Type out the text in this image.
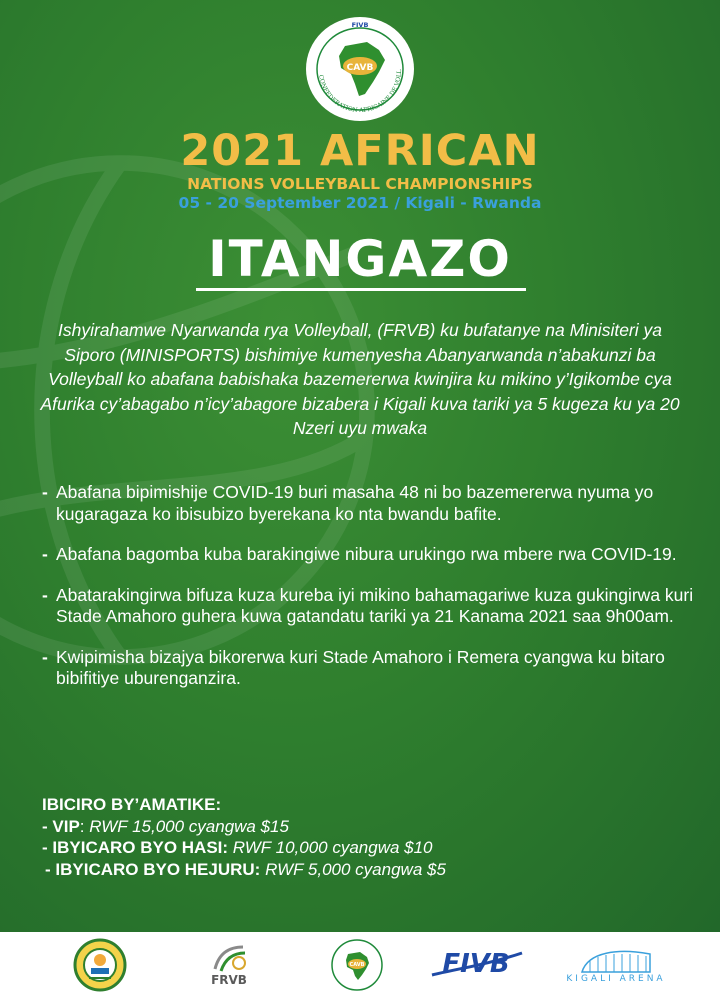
CAVB
FIVB
CONFEDERATION AFRICAINE DE VOLL
2021 AFRICAN
NATIONS VOLLEYBALL CHAMPIONSHIPS
05 - 20 September 2021 / Kigali - Rwanda
ITANGAZO
Ishyirahamwe Nyarwanda rya Volleyball, (FRVB) ku bufatanye na Minisiteri ya Siporo (MINISPORTS) bishimiye kumenyesha Abanyarwanda n’abakunzi ba Volleyball ko abafana babishaka bazemererwa kwinjira ku mikino y’Igikombe cya Afurika cy’abagabo n’icy’abagore bizabera i Kigali kuva tariki ya 5 kugeza ku ya 20 Nzeri uyu mwaka
- Abafana bipimishije COVID-19 buri masaha 48 ni bo bazemererwa nyuma yo kugaragaza ko ibisubizo byerekana ko nta bwandu bafite.
- Abafana bagomba kuba barakingiwe nibura urukingo rwa mbere rwa COVID-19.
- Abatarakingirwa bifuza kuza kureba iyi mikino bahamagariwe kuza gukingirwa kuri Stade Amahoro guhera kuwa gatandatu tariki ya 21 Kanama 2021 saa 9h00am.
- Kwipimisha bizajya bikorerwa kuri Stade Amahoro i Remera cyangwa ku bitaro bibifitiye uburenganzira.
IBICIRO BY’AMATIKE:
- VIP: RWF 15,000 cyangwa $15
- IBYICARO BYO HASI: RWF 10,000 cyangwa $10
- IBYICARO BYO HEJURU: RWF 5,000 cyangwa $5
FRVB
CAVB	FIVB	KIGALI ARENA
